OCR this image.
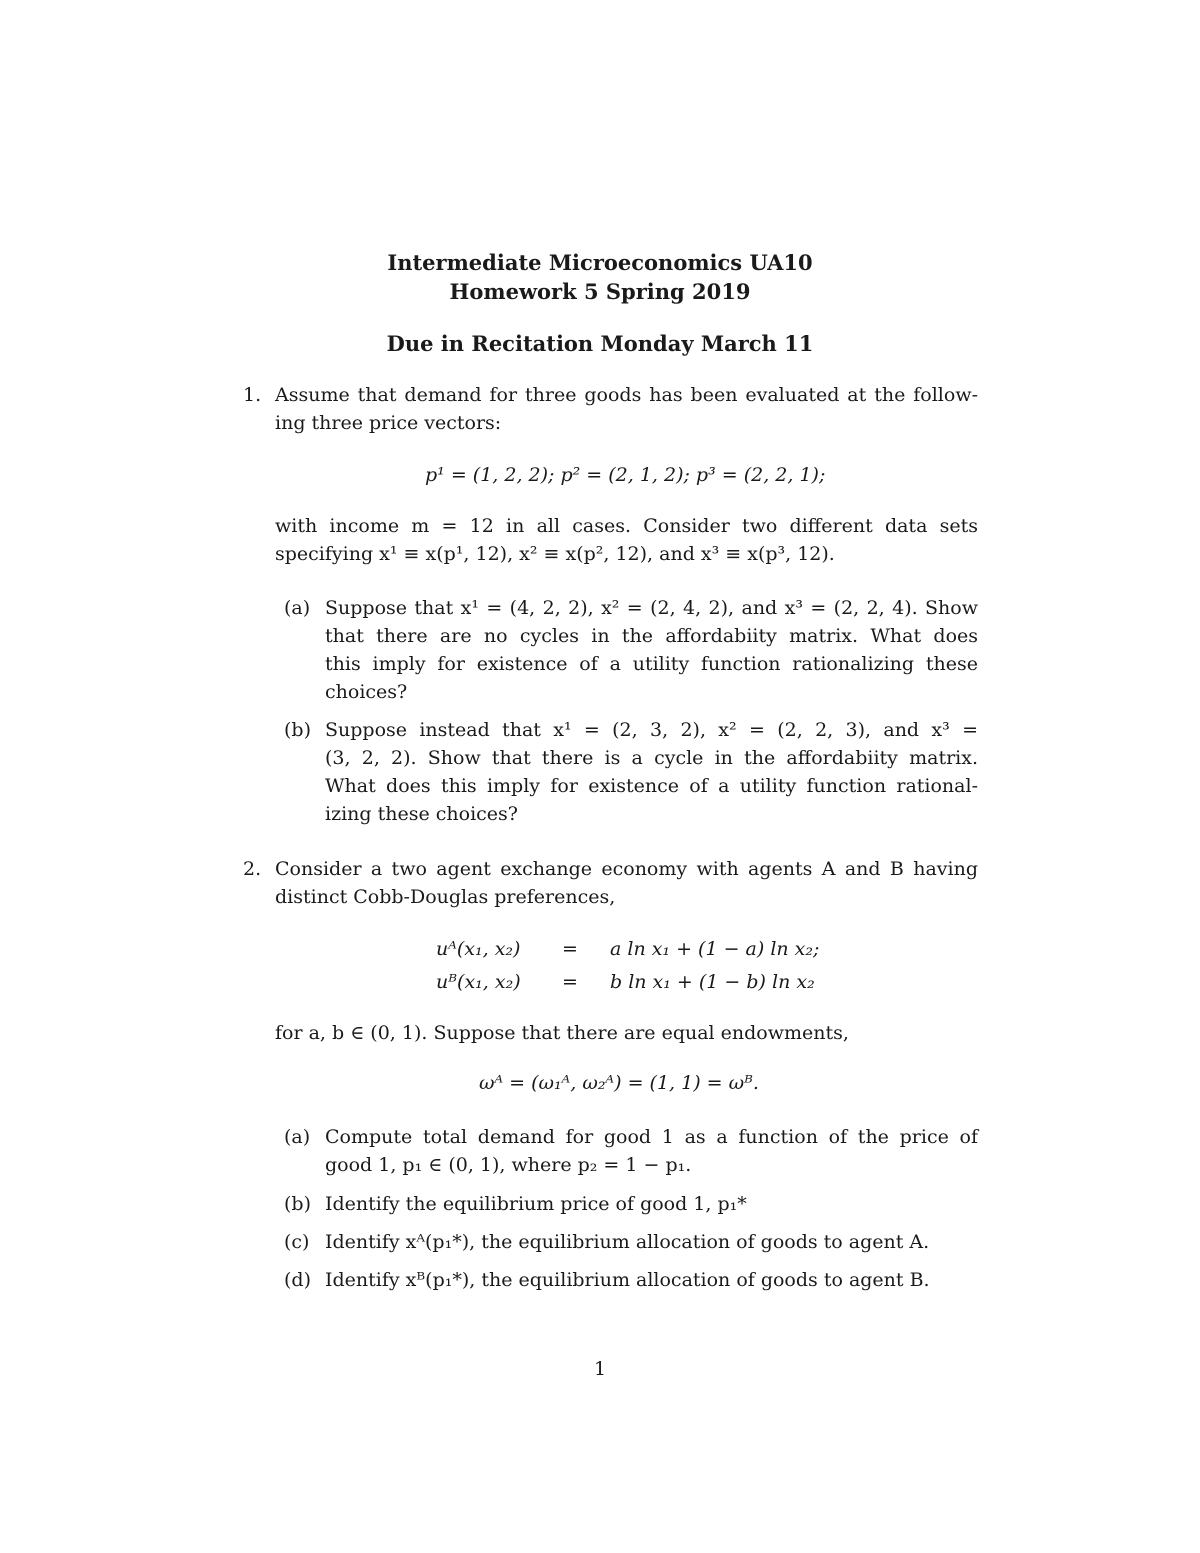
Intermediate Microeconomics UA10
Homework 5 Spring 2019
Due in Recitation Monday March 11
1. Assume that demand for three goods has been evaluated at the follow-
ing three price vectors:
p¹ = (1, 2, 2); p² = (2, 1, 2); p³ = (2, 2, 1);
with income m = 12 in all cases. Consider two different data sets
specifying x¹ ≡ x(p¹, 12), x² ≡ x(p², 12), and x³ ≡ x(p³, 12).
(a) Suppose that x¹ = (4, 2, 2), x² = (2, 4, 2), and x³ = (2, 2, 4). Show
that there are no cycles in the affordabiity matrix. What does
this imply for existence of a utility function rationalizing these
choices?
(b) Suppose instead that x¹ = (2, 3, 2), x² = (2, 2, 3), and x³ =
(3, 2, 2). Show that there is a cycle in the affordabiity matrix.
What does this imply for existence of a utility function rational-
izing these choices?
2. Consider a two agent exchange economy with agents A and B having
distinct Cobb-Douglas preferences,
uᴬ(x₁, x₂) = a ln x₁ + (1 − a) ln x₂;
uᴮ(x₁, x₂) = b ln x₁ + (1 − b) ln x₂
for a, b ∈ (0, 1). Suppose that there are equal endowments,
ωᴬ = (ω₁ᴬ, ω₂ᴬ) = (1, 1) = ωᴮ.
(a) Compute total demand for good 1 as a function of the price of
good 1, p₁ ∈ (0, 1), where p₂ = 1 − p₁.
(b) Identify the equilibrium price of good 1, p₁*
(c) Identify xᴬ(p₁*), the equilibrium allocation of goods to agent A.
(d) Identify xᴮ(p₁*), the equilibrium allocation of goods to agent B.
1
